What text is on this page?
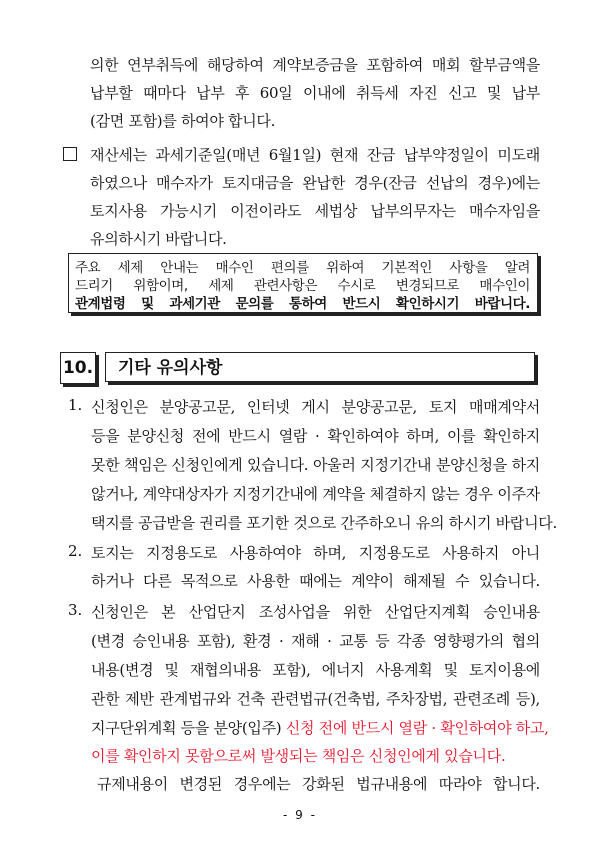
의한 연부취득에 해당하여 계약보증금을 포함하여 매회 할부금액을
납부할 때마다 납부 후 60일 이내에 취득세 자진 신고 및 납부
(감면 포함)를 하여야 합니다.
재산세는 과세기준일(매년 6월1일) 현재 잔금 납부약정일이 미도래
하였으나 매수자가 토지대금을 완납한 경우(잔금 선납의 경우)에는
토지사용 가능시기 이전이라도 세법상 납부의무자는 매수자임을
유의하시기 바랍니다.
주요 세제 안내는 매수인 편의를 위하여 기본적인 사항을 알려
드리기 위함이며, 세제 관련사항은 수시로 변경되므로 매수인이
관계법령 및 과세기관 문의를 통하여 반드시 확인하시기 바랍니다.
10.	기타 유의사항
1. 신청인은 분양공고문, 인터넷 게시 분양공고문, 토지 매매계약서
등을 분양신청 전에 반드시 열람 · 확인하여야 하며, 이를 확인하지
못한 책임은 신청인에게 있습니다. 아울러 지정기간내 분양신청을 하지
않거나, 계약대상자가 지정기간내에 계약을 체결하지 않는 경우 이주자
택지를 공급받을 권리를 포기한 것으로 간주하오니 유의 하시기 바랍니다.
2. 토지는 지정용도로 사용하여야 하며, 지정용도로 사용하지 아니
하거나 다른 목적으로 사용한 때에는 계약이 해제될 수 있습니다.
3. 신청인은 본 산업단지 조성사업을 위한 산업단지계획 승인내용
(변경 승인내용 포함), 환경 · 재해 · 교통 등 각종 영향평가의 협의
내용(변경 및 재협의내용 포함), 에너지 사용계획 및 토지이용에
관한 제반 관계법규와 건축 관련법규(건축법, 주차장법, 관련조례 등),
지구단위계획 등을 분양(입주) 신청 전에 반드시 열람 · 확인하여야 하고,
이를 확인하지 못함으로써 발생되는 책임은 신청인에게 있습니다.
규제내용이 변경된 경우에는 강화된 법규내용에 따라야 합니다.
- 9 -
